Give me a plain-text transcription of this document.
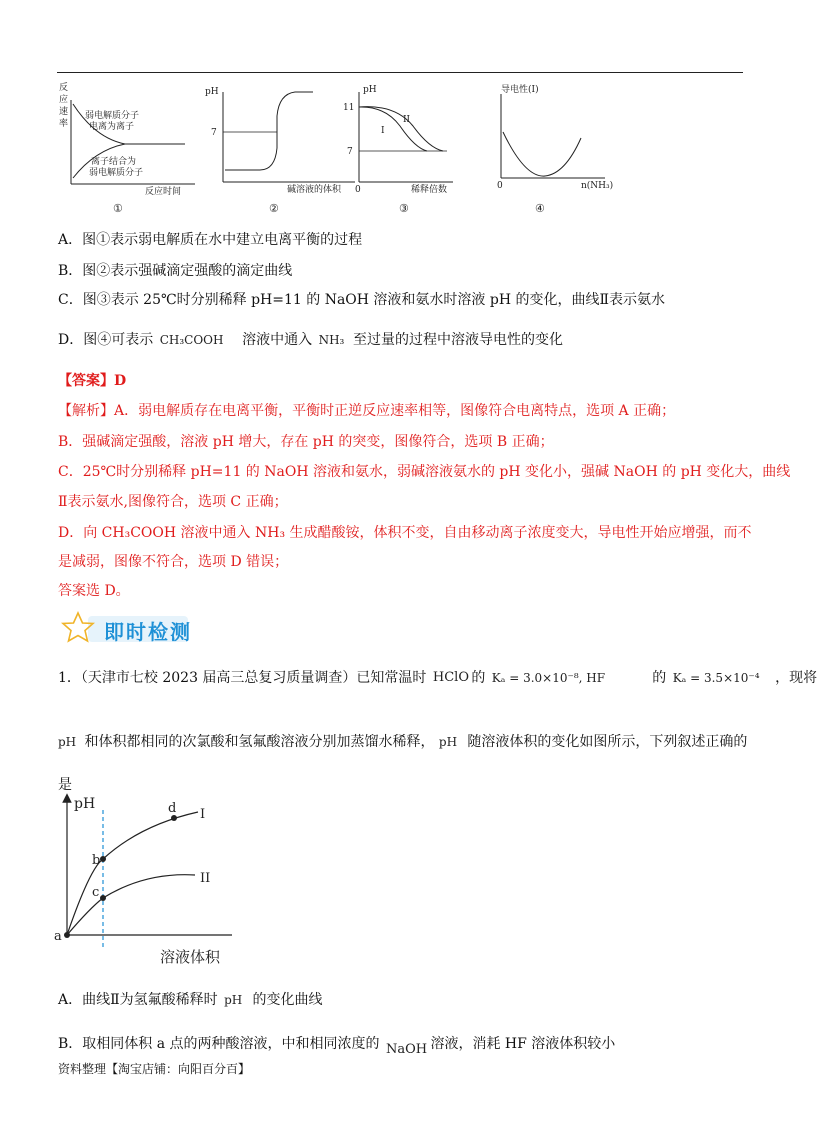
反
应
速
率
弱电解质分子
电离为离子
离子结合为
弱电解质分子
反应时间
①
pH
7
碱溶液的体积
②
pH
11
7
0
I
II
稀释倍数
③
导电性(I)
0	n(NH₃)
④
A．图①表示弱电解质在水中建立电离平衡的过程
B．图②表示强碱滴定强酸的滴定曲线
C．图③表示 25℃时分别稀释 pH=11 的 NaOH 溶液和氨水时溶液 pH 的变化，曲线Ⅱ表示氨水
D．图④可表示 CH₃COOH 溶液中通入 NH₃ 至过量的过程中溶液导电性的变化
【答案】D
【解析】A．弱电解质存在电离平衡，平衡时正逆反应速率相等，图像符合电离特点，选项 A 正确；
B．强碱滴定强酸，溶液 pH 增大，存在 pH 的突变，图像符合，选项 B 正确；
C．25℃时分别稀释 pH=11 的 NaOH 溶液和氨水，弱碱溶液氨水的 pH 变化小，强碱 NaOH 的 pH 变化大，曲线
Ⅱ表示氨水,图像符合，选项 C 正确；
D．向 CH₃COOH 溶液中通入 NH₃ 生成醋酸铵，体积不变，自由移动离子浓度变大，导电性开始应增强，而不
是减弱，图像不符合，选项 D 错误；
答案选 D。
即时检测
1．（天津市七校 2023 届高三总复习质量调查）已知常温时 HClO 的 Kₐ = 3.0×10⁻⁸, HF	的 Kₐ = 3.5×10⁻⁴ ，现将
pH 和体积都相同的次氯酸和氢氟酸溶液分别加蒸馏水稀释， pH 随溶液体积的变化如图所示，下列叙述正确的
是
pH
a
b
c
d I
II
溶液体积
A．曲线Ⅱ为氢氟酸稀释时 pH 的变化曲线
B．取相同体积 a 点的两种酸溶液，中和相同浓度的 NaOH 溶液，消耗 HF 溶液体积较小
资料整理【淘宝店铺：向阳百分百】
